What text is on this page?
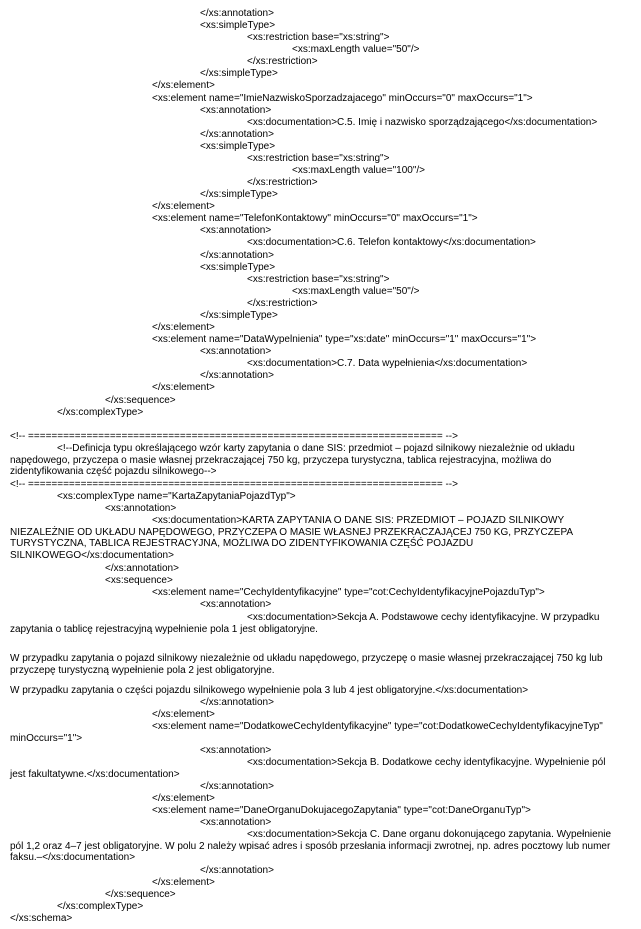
</xs:annotation>
<xs:simpleType>
<xs:restriction base="xs:string">
<xs:maxLength value="50"/>
</xs:restriction>
</xs:simpleType>
</xs:element>
<xs:element name="ImieNazwiskoSporzadzajacego" minOccurs="0" maxOccurs="1">
<xs:annotation>
<xs:documentation>C.5. Imię i nazwisko sporządzającego</xs:documentation>
</xs:annotation>
<xs:simpleType>
<xs:restriction base="xs:string">
<xs:maxLength value="100"/>
</xs:restriction>
</xs:simpleType>
</xs:element>
<xs:element name="TelefonKontaktowy" minOccurs="0" maxOccurs="1">
<xs:annotation>
<xs:documentation>C.6. Telefon kontaktowy</xs:documentation>
</xs:annotation>
<xs:simpleType>
<xs:restriction base="xs:string">
<xs:maxLength value="50"/>
</xs:restriction>
</xs:simpleType>
</xs:element>
<xs:element name="DataWypelnienia" type="xs:date" minOccurs="1" maxOccurs="1">
<xs:annotation>
<xs:documentation>C.7. Data wypełnienia</xs:documentation>
</xs:annotation>
</xs:element>
</xs:sequence>
</xs:complexType>
<!-- ======================================================================= -->
<!--Definicja typu określającego wzór karty zapytania o dane SIS: przedmiot – pojazd silnikowy niezależnie od układu napędowego, przyczepa o masie własnej przekraczającej 750 kg, przyczepa turystyczna, tablica rejestracyjna, możliwa do zidentyfikowania część pojazdu silnikowego-->
<!-- ======================================================================= -->
<xs:complexType name="KartaZapytaniaPojazdTyp">
<xs:annotation>
<xs:documentation>KARTA ZAPYTANIA O DANE SIS: PRZEDMIOT – POJAZD SILNIKOWY NIEZALEŻNIE OD UKŁADU NAPĘDOWEGO, PRZYCZEPA O MASIE WŁASNEJ PRZEKRACZAJĄCEJ 750 KG, PRZYCZEPA TURYSTYCZNA, TABLICA REJESTRACYJNA, MOŻLIWA DO ZIDENTYFIKOWANIA CZĘŚĆ POJAZDU SILNIKOWEGO</xs:documentation>
</xs:annotation>
<xs:sequence>
<xs:element name="CechyIdentyfikacyjne" type="cot:CechyIdentyfikacyjnePojazduTyp">
<xs:annotation>
<xs:documentation>Sekcja A. Podstawowe cechy identyfikacyjne. W przypadku zapytania o tablicę rejestracyjną wypełnienie pola 1 jest obligatoryjne.
W przypadku zapytania o pojazd silnikowy niezależnie od układu napędowego, przyczepę o masie własnej przekraczającej 750 kg lub przyczepę turystyczną wypełnienie pola 2 jest obligatoryjne.
W przypadku zapytania o części pojazdu silnikowego wypełnienie pola 3 lub 4 jest obligatoryjne.</xs:documentation>
</xs:annotation>
</xs:element>
<xs:element name="DodatkoweCechyIdentyfikacyjne" type="cot:DodatkoweCechyIdentyfikacyjneTyp" minOccurs="1">
<xs:annotation>
<xs:documentation>Sekcja B. Dodatkowe cechy identyfikacyjne. Wypełnienie pól jest fakultatywne.</xs:documentation>
</xs:annotation>
</xs:element>
<xs:element name="DaneOrganuDokujacegoZapytania" type="cot:DaneOrganuTyp">
<xs:annotation>
<xs:documentation>Sekcja C. Dane organu dokonującego zapytania. Wypełnienie pól 1,2 oraz 4–7 jest obligatoryjne. W polu 2 należy wpisać adres i sposób przesłania informacji zwrotnej, np. adres pocztowy lub numer faksu.–</xs:documentation>
</xs:annotation>
</xs:element>
</xs:sequence>
</xs:complexType>
</xs:schema>
